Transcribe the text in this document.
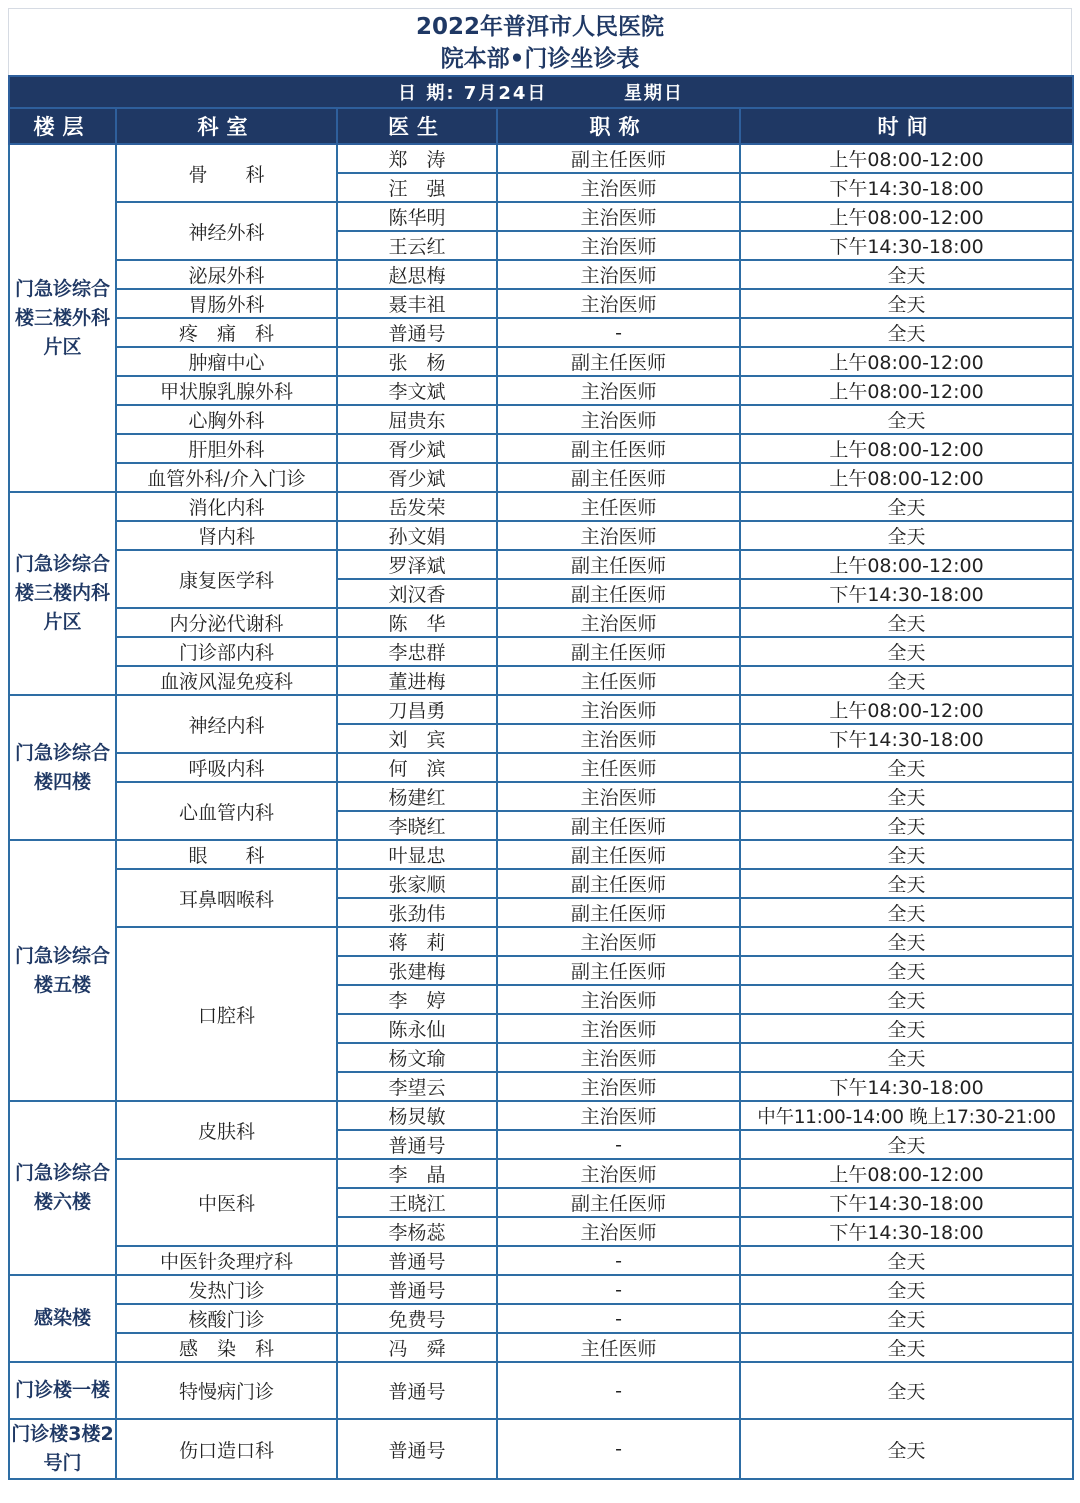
2022年普洱市人民医院
院本部•门诊坐诊表
日 期: 7月24日 星期日				
楼层	科室	医生	职称	时间
门急诊综合楼三楼外科片区	骨　　科	郑　涛	副主任医师	上午08:00-12:00
		汪　强	主治医师	下午14:30-18:00
	神经外科	陈华明	主治医师	上午08:00-12:00
		王云红	主治医师	下午14:30-18:00
	泌尿外科	赵思梅	主治医师	全天
	胃肠外科	聂丰祖	主治医师	全天
	疼　痛　科	普通号	-	全天
	肿瘤中心	张　杨	副主任医师	上午08:00-12:00
	甲状腺乳腺外科	李文斌	主治医师	上午08:00-12:00
	心胸外科	屈贵东	主治医师	全天
	肝胆外科	胥少斌	副主任医师	上午08:00-12:00
	血管外科/介入门诊	胥少斌	副主任医师	上午08:00-12:00
门急诊综合楼三楼内科片区	消化内科	岳发荣	主任医师	全天
	肾内科	孙文娟	主治医师	全天
	康复医学科	罗泽斌	副主任医师	上午08:00-12:00
		刘汉香	副主任医师	下午14:30-18:00
	内分泌代谢科	陈　华	主治医师	全天
	门诊部内科	李忠群	副主任医师	全天
	血液风湿免疫科	董进梅	主任医师	全天
门急诊综合楼四楼	神经内科	刀昌勇	主治医师	上午08:00-12:00
		刘　宾	主治医师	下午14:30-18:00
	呼吸内科	何　滨	主任医师	全天
	心血管内科	杨建红	主治医师	全天
		李晓红	副主任医师	全天
门急诊综合楼五楼	眼　　科	叶显忠	副主任医师	全天
	耳鼻咽喉科	张家顺	副主任医师	全天
		张劲伟	副主任医师	全天
	口腔科	蒋　莉	主治医师	全天
		张建梅	副主任医师	全天
		李　婷	主治医师	全天
		陈永仙	主治医师	全天
		杨文瑜	主治医师	全天
		李望云	主治医师	下午14:30-18:00
门急诊综合楼六楼	皮肤科	杨炅敏	主治医师	中午11:00-14:00 晚上17:30-21:00
		普通号	-	全天
	中医科	李　晶	主治医师	上午08:00-12:00
		王晓江	副主任医师	下午14:30-18:00
		李杨蕊	主治医师	下午14:30-18:00
	中医针灸理疗科	普通号	-	全天
感染楼	发热门诊	普通号	-	全天
	核酸门诊	免费号	-	全天
	感　染　科	冯　舜	主任医师	全天
门诊楼一楼	特慢病门诊	普通号	-	全天
门诊楼3楼2号门	伤口造口科	普通号	-	全天
